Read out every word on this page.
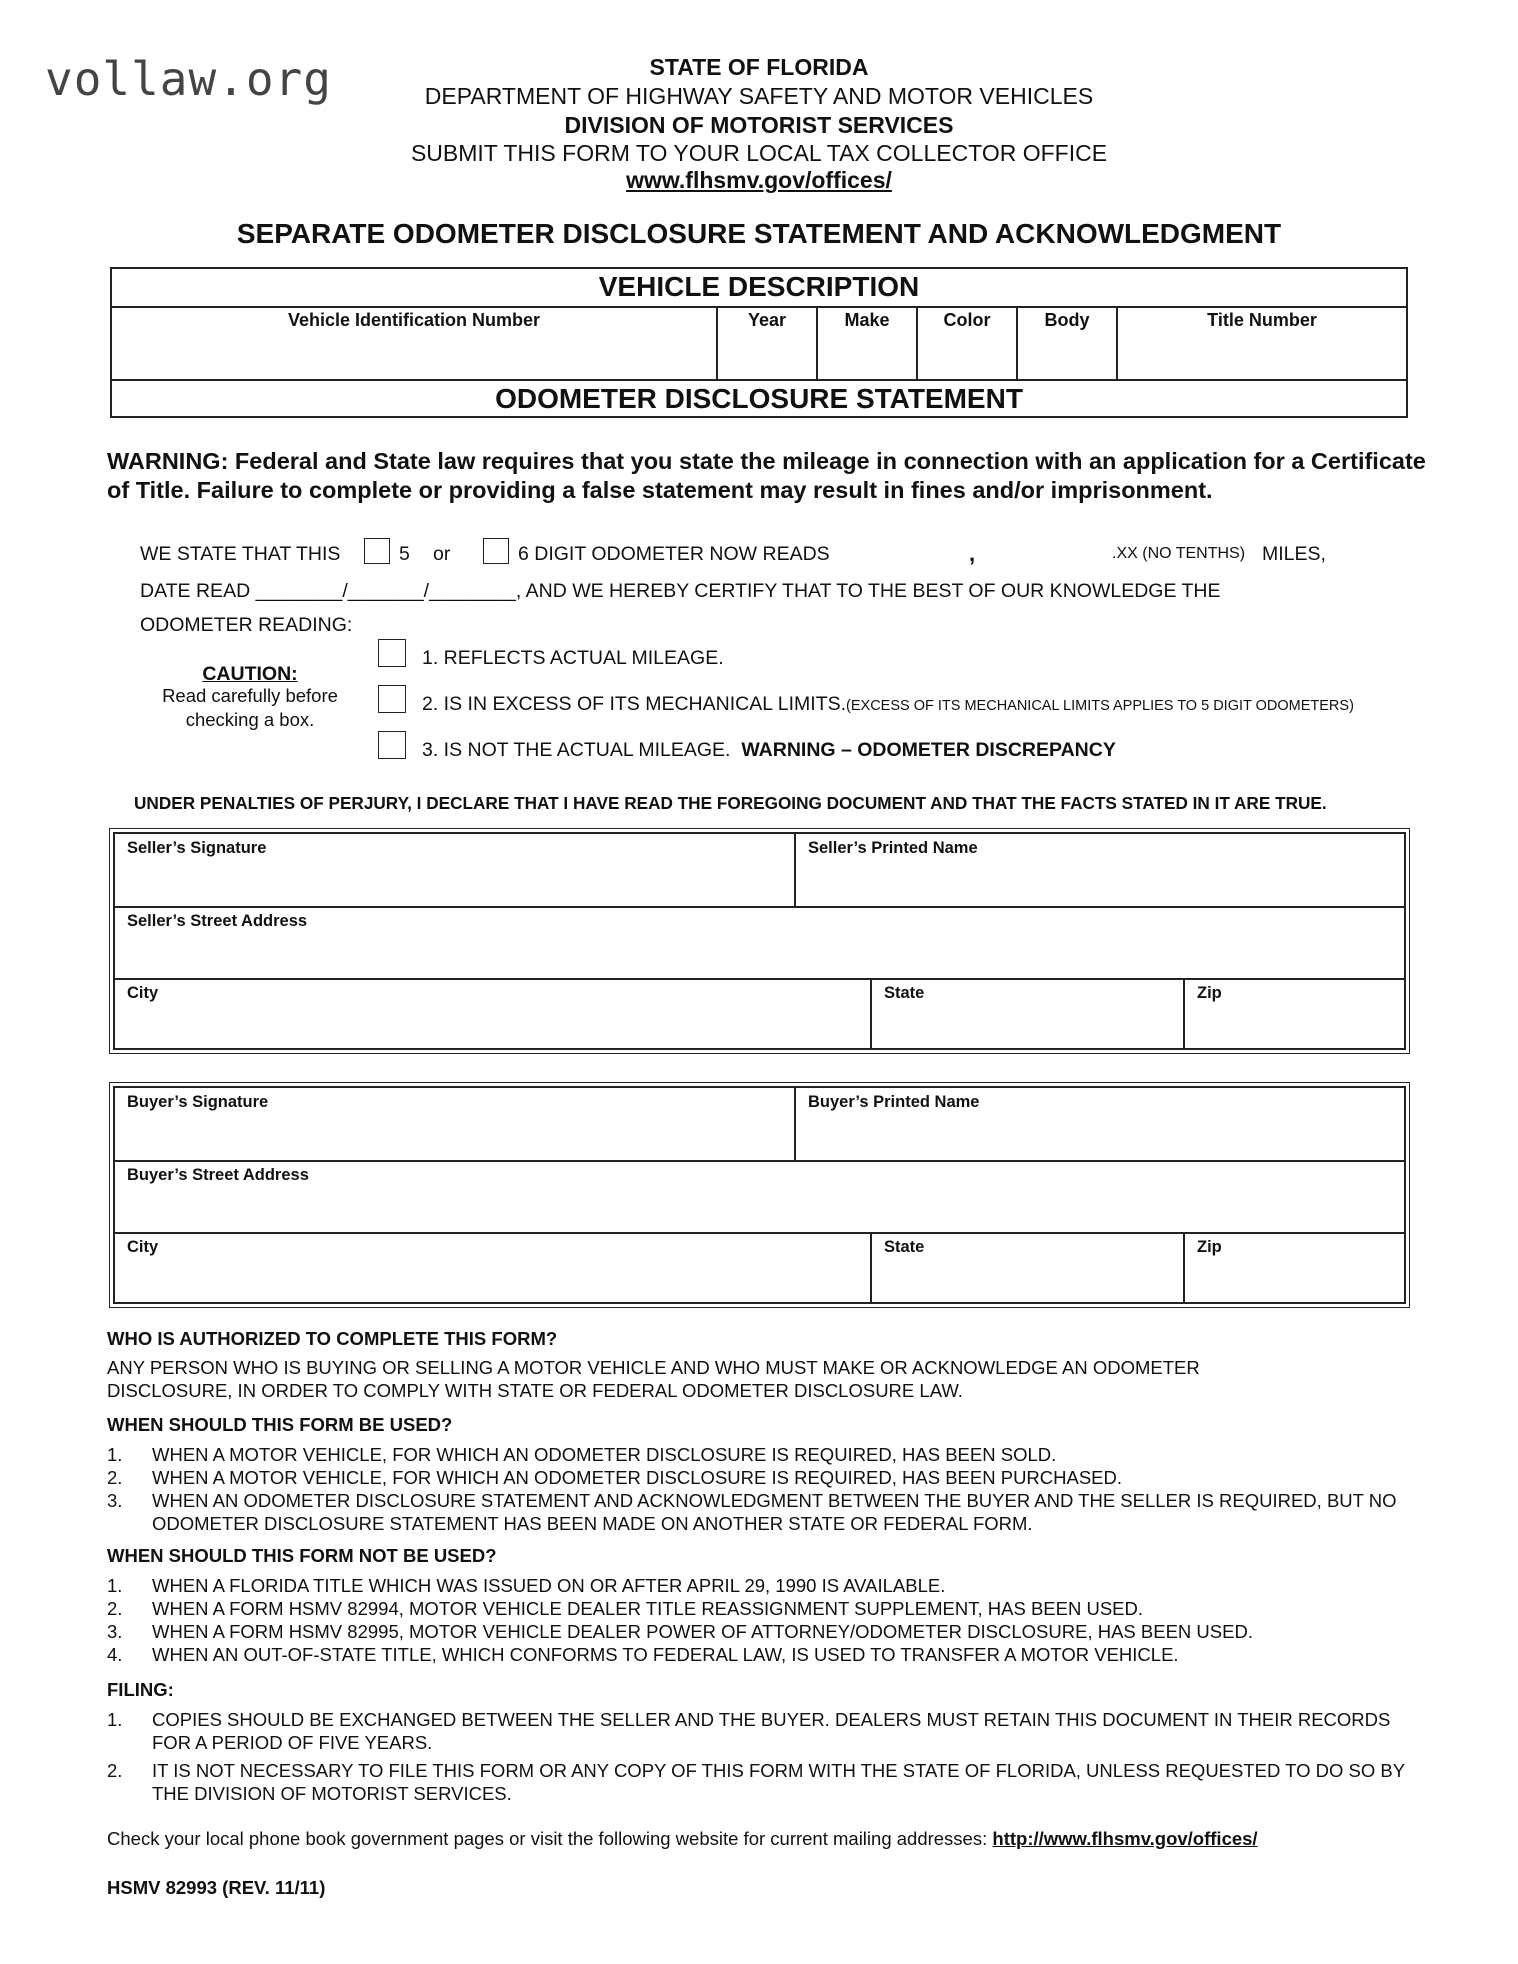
vollaw.org	STATE OF FLORIDA
DEPARTMENT OF HIGHWAY SAFETY AND MOTOR VEHICLES
DIVISION OF MOTORIST SERVICES
SUBMIT THIS FORM TO YOUR LOCAL TAX COLLECTOR OFFICE
www.flhsmv.gov/offices/
SEPARATE ODOMETER DISCLOSURE STATEMENT AND ACKNOWLEDGMENT
VEHICLE DESCRIPTION
Vehicle Identification Number	Year	Make	Color	Body	Title Number
ODOMETER DISCLOSURE STATEMENT
WARNING: Federal and State law requires that you state the mileage in connection with an application for a Certificate of Title. Failure to complete or providing a false statement may result in fines and/or imprisonment.
WE STATE THAT THIS	5 or	6 DIGIT ODOMETER NOW READS	,	.XX (NO TENTHS) MILES,
DATE READ ________/_______/________, AND WE HEREBY CERTIFY THAT TO THE BEST OF OUR KNOWLEDGE THE
ODOMETER READING:
CAUTION:
Read carefully before
checking a box.
1. REFLECTS ACTUAL MILEAGE.
2. IS IN EXCESS OF ITS MECHANICAL LIMITS.(EXCESS OF ITS MECHANICAL LIMITS APPLIES TO 5 DIGIT ODOMETERS)
3. IS NOT THE ACTUAL MILEAGE. WARNING – ODOMETER DISCREPANCY
UNDER PENALTIES OF PERJURY, I DECLARE THAT I HAVE READ THE FOREGOING DOCUMENT AND THAT THE FACTS STATED IN IT ARE TRUE.
Seller’s Signature	Seller’s Printed Name
Seller’s Street Address
City	State	Zip
Buyer’s Signature	Buyer’s Printed Name
Buyer’s Street Address
City	State	Zip
WHO IS AUTHORIZED TO COMPLETE THIS FORM?
ANY PERSON WHO IS BUYING OR SELLING A MOTOR VEHICLE AND WHO MUST MAKE OR ACKNOWLEDGE AN ODOMETER
DISCLOSURE, IN ORDER TO COMPLY WITH STATE OR FEDERAL ODOMETER DISCLOSURE LAW.
WHEN SHOULD THIS FORM BE USED?
1. WHEN A MOTOR VEHICLE, FOR WHICH AN ODOMETER DISCLOSURE IS REQUIRED, HAS BEEN SOLD.
2. WHEN A MOTOR VEHICLE, FOR WHICH AN ODOMETER DISCLOSURE IS REQUIRED, HAS BEEN PURCHASED.
3. WHEN AN ODOMETER DISCLOSURE STATEMENT AND ACKNOWLEDGMENT BETWEEN THE BUYER AND THE SELLER IS REQUIRED, BUT NO ODOMETER DISCLOSURE STATEMENT HAS BEEN MADE ON ANOTHER STATE OR FEDERAL FORM.
WHEN SHOULD THIS FORM NOT BE USED?
1. WHEN A FLORIDA TITLE WHICH WAS ISSUED ON OR AFTER APRIL 29, 1990 IS AVAILABLE.
2. WHEN A FORM HSMV 82994, MOTOR VEHICLE DEALER TITLE REASSIGNMENT SUPPLEMENT, HAS BEEN USED.
3. WHEN A FORM HSMV 82995, MOTOR VEHICLE DEALER POWER OF ATTORNEY/ODOMETER DISCLOSURE, HAS BEEN USED.
4. WHEN AN OUT-OF-STATE TITLE, WHICH CONFORMS TO FEDERAL LAW, IS USED TO TRANSFER A MOTOR VEHICLE.
FILING:
1. COPIES SHOULD BE EXCHANGED BETWEEN THE SELLER AND THE BUYER. DEALERS MUST RETAIN THIS DOCUMENT IN THEIR RECORDS FOR A PERIOD OF FIVE YEARS.
2. IT IS NOT NECESSARY TO FILE THIS FORM OR ANY COPY OF THIS FORM WITH THE STATE OF FLORIDA, UNLESS REQUESTED TO DO SO BY THE DIVISION OF MOTORIST SERVICES.
Check your local phone book government pages or visit the following website for current mailing addresses: http://www.flhsmv.gov/offices/
HSMV 82993 (REV. 11/11)
